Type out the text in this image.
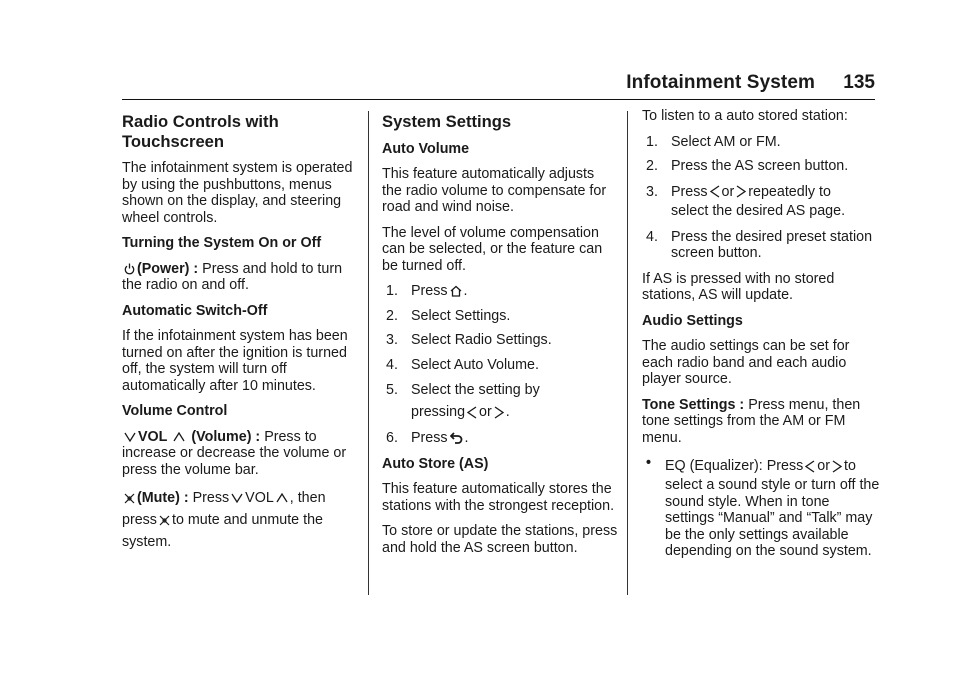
Infotainment System 135
Radio Controls with Touchscreen
The infotainment system is operated by using the pushbuttons, menus shown on the display, and steering wheel controls.
Turning the System On or Off
(Power) : Press and hold to turn the radio on and off.
Automatic Switch-Off
If the infotainment system has been turned on after the ignition is turned off, the system will turn off automatically after 10 minutes.
Volume Control
VOL (Volume) : Press to increase or decrease the volume or press the volume bar.
(Mute) : Press VOL , then
press to mute and unmute the system.
System Settings
Auto Volume
This feature automatically adjusts the radio volume to compensate for road and wind noise.
The level of volume compensation can be selected, or the feature can be turned off.
1. Press .
2. Select Settings.
3. Select Radio Settings.
4. Select Auto Volume.
5. Select the setting by
pressing or .
6. Press .
Auto Store (AS)
This feature automatically stores the stations with the strongest reception.
To store or update the stations, press and hold the AS screen button.
To listen to a auto stored station:
1. Select AM or FM.
2. Press the AS screen button.
3. Press or repeatedly to
select the desired AS page.
4. Press the desired preset station screen button.
If AS is pressed with no stored stations, AS will update.
Audio Settings
The audio settings can be set for each radio band and each audio player source.
Tone Settings : Press menu, then tone settings from the AM or FM menu.
• EQ (Equalizer): Press or to
select a sound style or turn off the sound style. When in tone settings “Manual” and “Talk” may be the only settings available depending on the sound system.
